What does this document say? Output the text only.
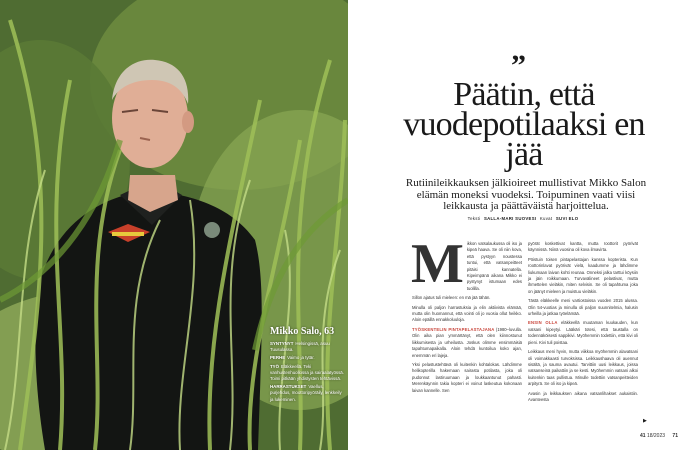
Mikko Salo, 63
SYNTYNYT Helsingissä, asuu Tuusulassa.
PERHE Vaimo ja tytär.
TYÖ Eläkkeellä. Teki vanhustenhuollossa ja sairaalatyössä. Toimi pitkään yhdistysten tehtävissä.
HARRASTUKSET Vaellus, purjehdus, moottoripyöräily, lenkkeily ja lukeminen.
”
Päätin, että vuodepotilaaksi en jää
Rutiinileikkauksen jälkioireet mullistivat Mikko Salon elämän moneksi vuodeksi. Toipuminen vaati viisi leikkausta ja päättäväistä harjoittelua.
Teksti SALLA-MARI SUOVESI Kuvat SUVI ELO

Mikkon vatsalaukussa oli iso ja kipeä haava. Se oli niin kova, että pystyyn noustessa tuntui, että vatsanpeitteet pitäisi kannatella. Kipeimpänä aikana Mikko ei pystynyt istumaan edes tuolilla.

Sillon ajatus tuli mieleen: en mä jää tähän.

Minulla oli paljon harrastuksia ja elin aktiivista elämää, mutta olin huomannut, että vointi oli jo vuosia ollut heikko. Aloin epäillä ennakkoluuloja.

TYÖSKENTELIN PINTAPELASTAJANA (1980–luvulla. Olin aika pian ymmärtänyt, että olen kiinnostunut liikkumisesta ja urheilusta. Joskus olimme ensimmäisiä tapahtumapaikalla. Aloin tehdä kuntoilua koko ajan, enemmän eri lajeja.

Yksi pelastustehtävä oli kuitenkin kohtalokas. Lähdimme helikopterilla hakemaan sairasta potilasta, joka oli pudonnut lastiruumaan ja loukkaantunut pahasti. Merenkäynnin takia kopteri ei voinut laskeutua kokonaan laivan kannelle. Sen

pyörät koskettivat kantta, mutta roottorit pyörivät käynnissä. Niinä vuosina oli kova ilmavirta.

Pöistuin toisen pintapelastajan kanssa kopterista. Kun roottorinlavat pyörivät vielä, kaadumme ja lähdimme liukumaan laivan kohti reunaa. Onneksi jalka tarttui köysiin ja jäin roikkumaan. Turvavälineet pelastivat, mutta ihmettelen vieläkin, miten selvisin. Se oli tapahtuma joka on jäänyt mieleen ja muistuu vieläkin.

Tästä eläkkeelle meni vartiostoissa vuoden 2015 alussa. Olin 54-vuotias ja minulla oli paljon suunnitelmia, halusin urheilla ja jatkaa työelämää.

ENSIN OLLA eläkkeellä muutaman kuukauden, kun vatsani kipeytyi. Lääkäri totesi, että taustalla on todennäköisesti sappikivi. Myöhemmin todettiin, että kivi oli pieni. Kivi tuli poistaa.

Leikkaus meni hyvin, mutta viikkoa myöhemmin alavatsani oli voimakkaasti turvoksissa. Leikkaushaava oli auennut sisältä, ja sauma avautui. Tarvittiin uusi leikkaus, joissa vatsanseinä paikattiin ja se kesti. Myöhemmin vatsani alkoi kuitenkin taas pullistua. Minulle todettiin vatsanpeitteiden arpityrä. Se oli iso ja kipeä.

Avasin ja leikkauksen aikana vatsanlihakset aukaistiin. Avanteesta

▶
41 18/2023 71
